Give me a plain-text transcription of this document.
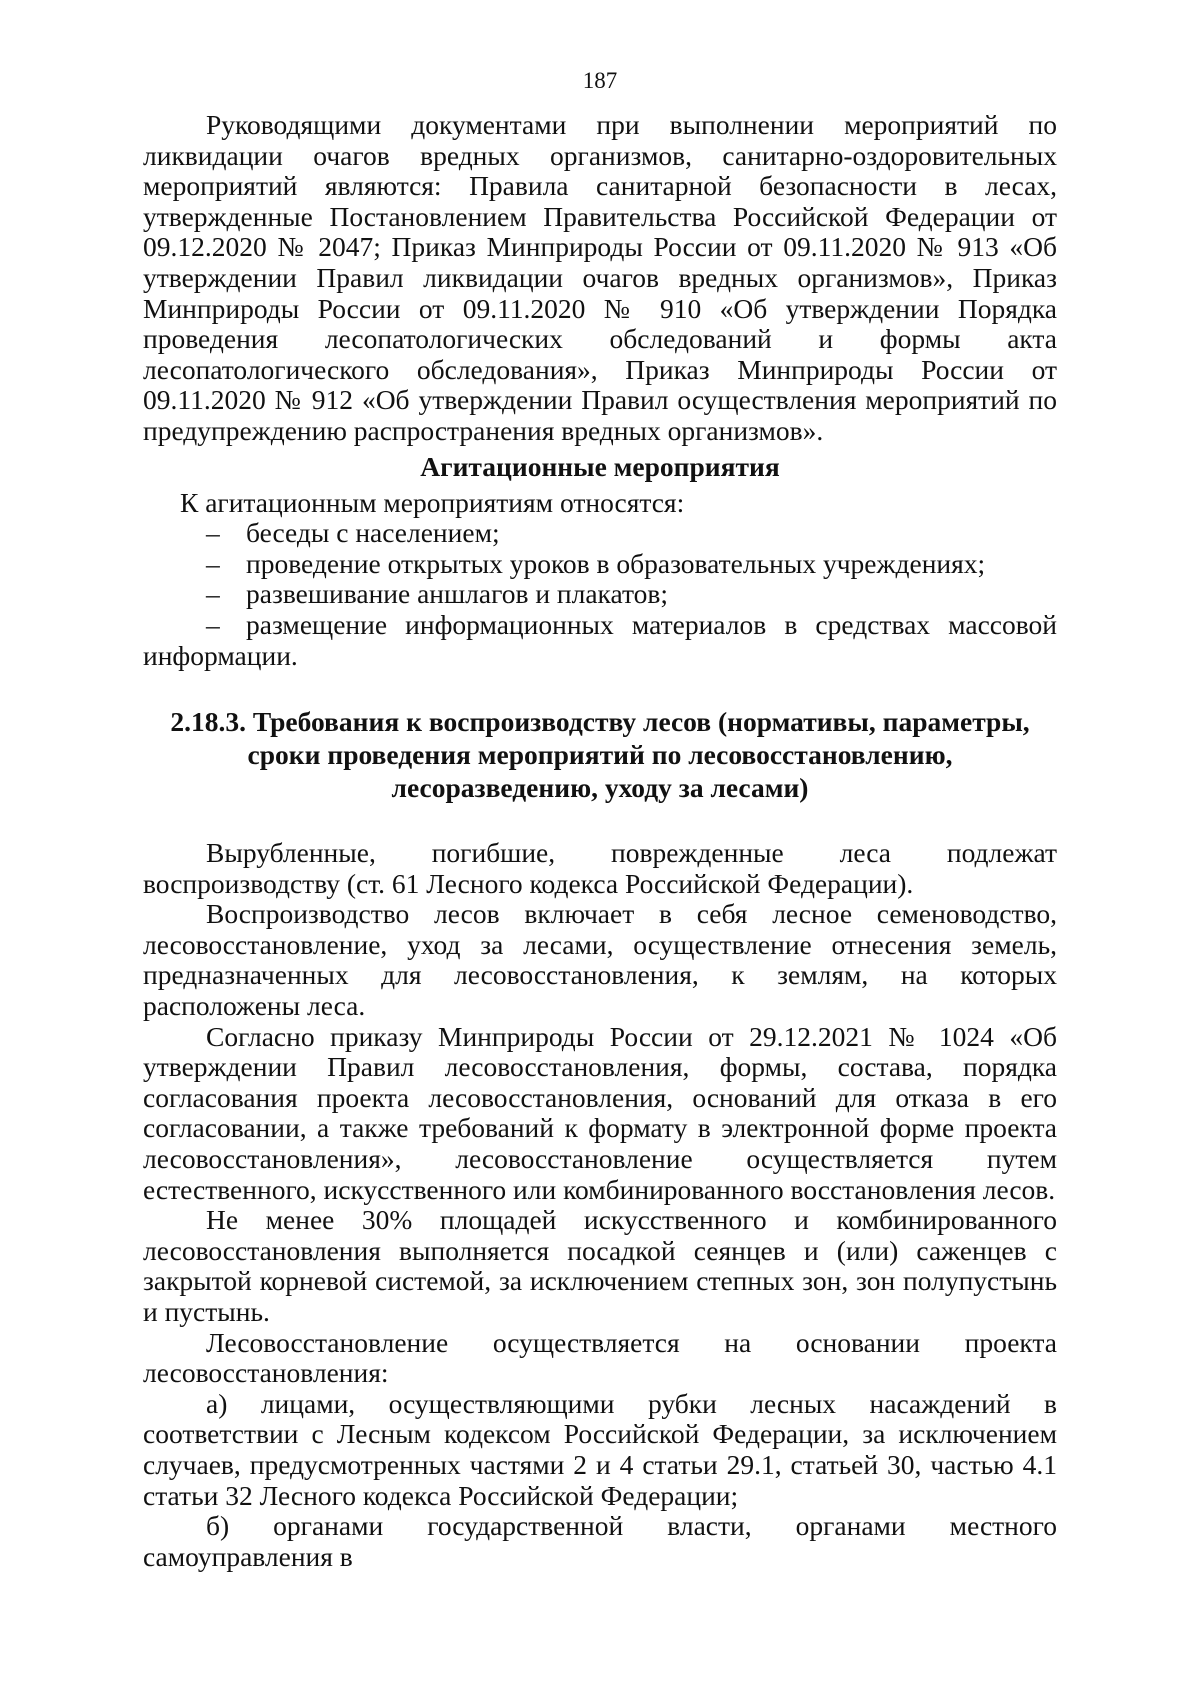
187

Руководящими документами при выполнении мероприятий по ликвидации очагов вредных организмов, санитарно-оздоровительных мероприятий являются: Правила санитарной безопасности в лесах, утвержденные Постановлением Правительства Российской Федерации от 09.12.2020 № 2047; Приказ Минприроды России от 09.11.2020 № 913 «Об утверждении Правил ликвидации очагов вредных организмов», Приказ Минприроды России от 09.11.2020 № 910 «Об утверждении Порядка проведения лесопатологических обследований и формы акта лесопатологического обследования», Приказ Минприроды России от 09.11.2020 № 912 «Об утверждении Правил осуществления мероприятий по предупреждению распространения вредных организмов».

Агитационные мероприятия

К агитационным мероприятиям относятся:

– беседы с населением;

– проведение открытых уроков в образовательных учреждениях;

– развешивание аншлагов и плакатов;

– размещение информационных материалов в средствах массовой информации.

2.18.3. Требования к воспроизводству лесов (нормативы, параметры, сроки проведения мероприятий по лесовосстановлению, лесоразведению, уходу за лесами)

Вырубленные, погибшие, поврежденные леса подлежат воспроизводству (ст. 61 Лесного кодекса Российской Федерации).

Воспроизводство лесов включает в себя лесное семеноводство, лесовосстановление, уход за лесами, осуществление отнесения земель, предназначенных для лесовосстановления, к землям, на которых расположены леса.

Согласно приказу Минприроды России от 29.12.2021 № 1024 «Об утверждении Правил лесовосстановления, формы, состава, порядка согласования проекта лесовосстановления, оснований для отказа в его согласовании, а также требований к формату в электронной форме проекта лесовосстановления», лесовосстановление осуществляется путем естественного, искусственного или комбинированного восстановления лесов.

Не менее 30% площадей искусственного и комбинированного лесовосстановления выполняется посадкой сеянцев и (или) саженцев с закрытой корневой системой, за исключением степных зон, зон полупустынь и пустынь.

Лесовосстановление осуществляется на основании проекта лесовосстановления:

а) лицами, осуществляющими рубки лесных насаждений в соответствии с Лесным кодексом Российской Федерации, за исключением случаев, предусмотренных частями 2 и 4 статьи 29.1, статьей 30, частью 4.1 статьи 32 Лесного кодекса Российской Федерации;

б) органами государственной власти, органами местного самоуправления в
